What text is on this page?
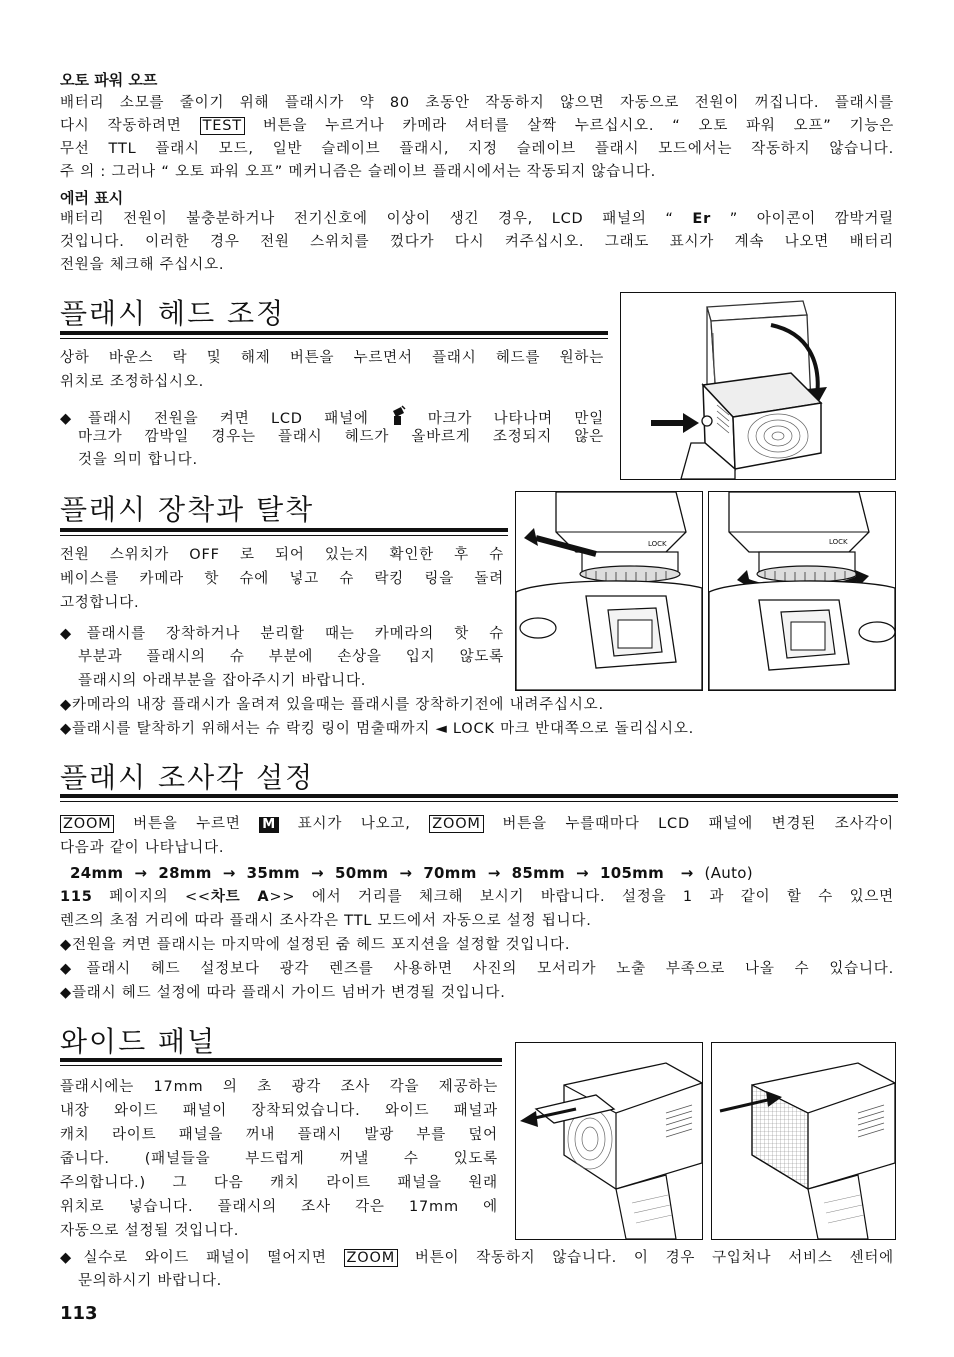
오토 파워 오프
배터리 소모를 줄이기 위해 플래시가 약 80 초동안 작동하지 않으면 자동으로 전원이 꺼집니다. 플래시를
다시 작동하려면 TEST 버튼을 누르거나 카메라 셔터를 살짝 누르십시오. “ 오토 파워 오프” 기능은
무선 TTL 플래시 모드, 일반 슬레이브 플래시, 지정 슬레이브 플래시 모드에서는 작동하지 않습니다.
주 의 : 그러나 “ 오토 파워 오프” 메커니즘은 슬레이브 플래시에서는 작동되지 않습니다.
에러 표시
배터리 전원이 불충분하거나 전기신호에 이상이 생긴 경우, LCD 패널의 “ Er ” 아이콘이 깜박거릴
것입니다. 이러한 경우 전원 스위치를 껐다가 다시 켜주십시오. 그래도 표시가 계속 나오면 배터리
전원을 체크해 주십시오.
플래시 헤드 조정
상하 바운스 락 및 해제 버튼을 누르면서 플래시 헤드를 원하는
위치로 조정하십시오.
◆플래시 전원을 켜면 LCD 패널에	마크가 나타나며 만일
마크가 깜박일 경우는 플래시 헤드가 올바르게 조정되지 않은
것을 의미 합니다.
플래시 장착과 탈착
전원 스위치가 OFF 로 되어 있는지 확인한 후 슈
베이스를 카메라 핫 슈에 넣고 슈 락킹 링을 돌려
고정합니다.
◆플래시를 장착하거나 분리할 때는 카메라의 핫 슈
부분과 플래시의 슈 부분에 손상을 입지 않도록
플래시의 아래부분을 잡아주시기 바랍니다.
◆카메라의 내장 플래시가 올려져 있을때는 플래시를 장착하기전에 내려주십시오.
◆플래시를 탈착하기 위해서는 슈 락킹 링이 멈출때까지 ◄ LOCK 마크 반대쪽으로 돌리십시오.
LOCK	LOCK
플래시 조사각 설정
ZOOM 버튼을 누르면 M 표시가 나오고, ZOOM 버튼을 누를때마다 LCD 패널에 변경된 조사각이
다음과 같이 나타납니다.
24mm  →  28mm  →  35mm  →  50mm  →  70mm  →  85mm  →  105mm   →  (Auto)
115 페이지의 <<차트 A>> 에서 거리를 체크해 보시기 바랍니다. 설정을 1 과 같이 할 수 있으면
렌즈의 초점 거리에 따라 플래시 조사각은 TTL 모드에서 자동으로 설정 됩니다.
◆전원을 켜면 플래시는 마지막에 설정된 줌 헤드 포지션을 설정할 것입니다.
◆플래시 헤드 설정보다 광각 렌즈를 사용하면 사진의 모서리가 노출 부족으로 나올 수 있습니다.
◆플래시 헤드 설정에 따라 플래시 가이드 넘버가 변경될 것입니다.
와이드 패널
플래시에는 17mm 의 초 광각 조사 각을 제공하는
내장 와이드 패널이 장착되었습니다. 와이드 패널과
캐치 라이트 패널을 꺼내 플래시 발광 부를 덮어
줍니다. (패널들을 부드럽게 꺼낼 수 있도록
주의합니다.) 그 다음 캐치 라이트 패널을 원래
위치로 넣습니다. 플래시의 조사 각은 17mm 에
자동으로 설정될 것입니다.
◆실수로 와이드 패널이 떨어지면 ZOOM 버튼이 작동하지 않습니다. 이 경우 구입처나 서비스 센터에
문의하시기 바랍니다.
113
